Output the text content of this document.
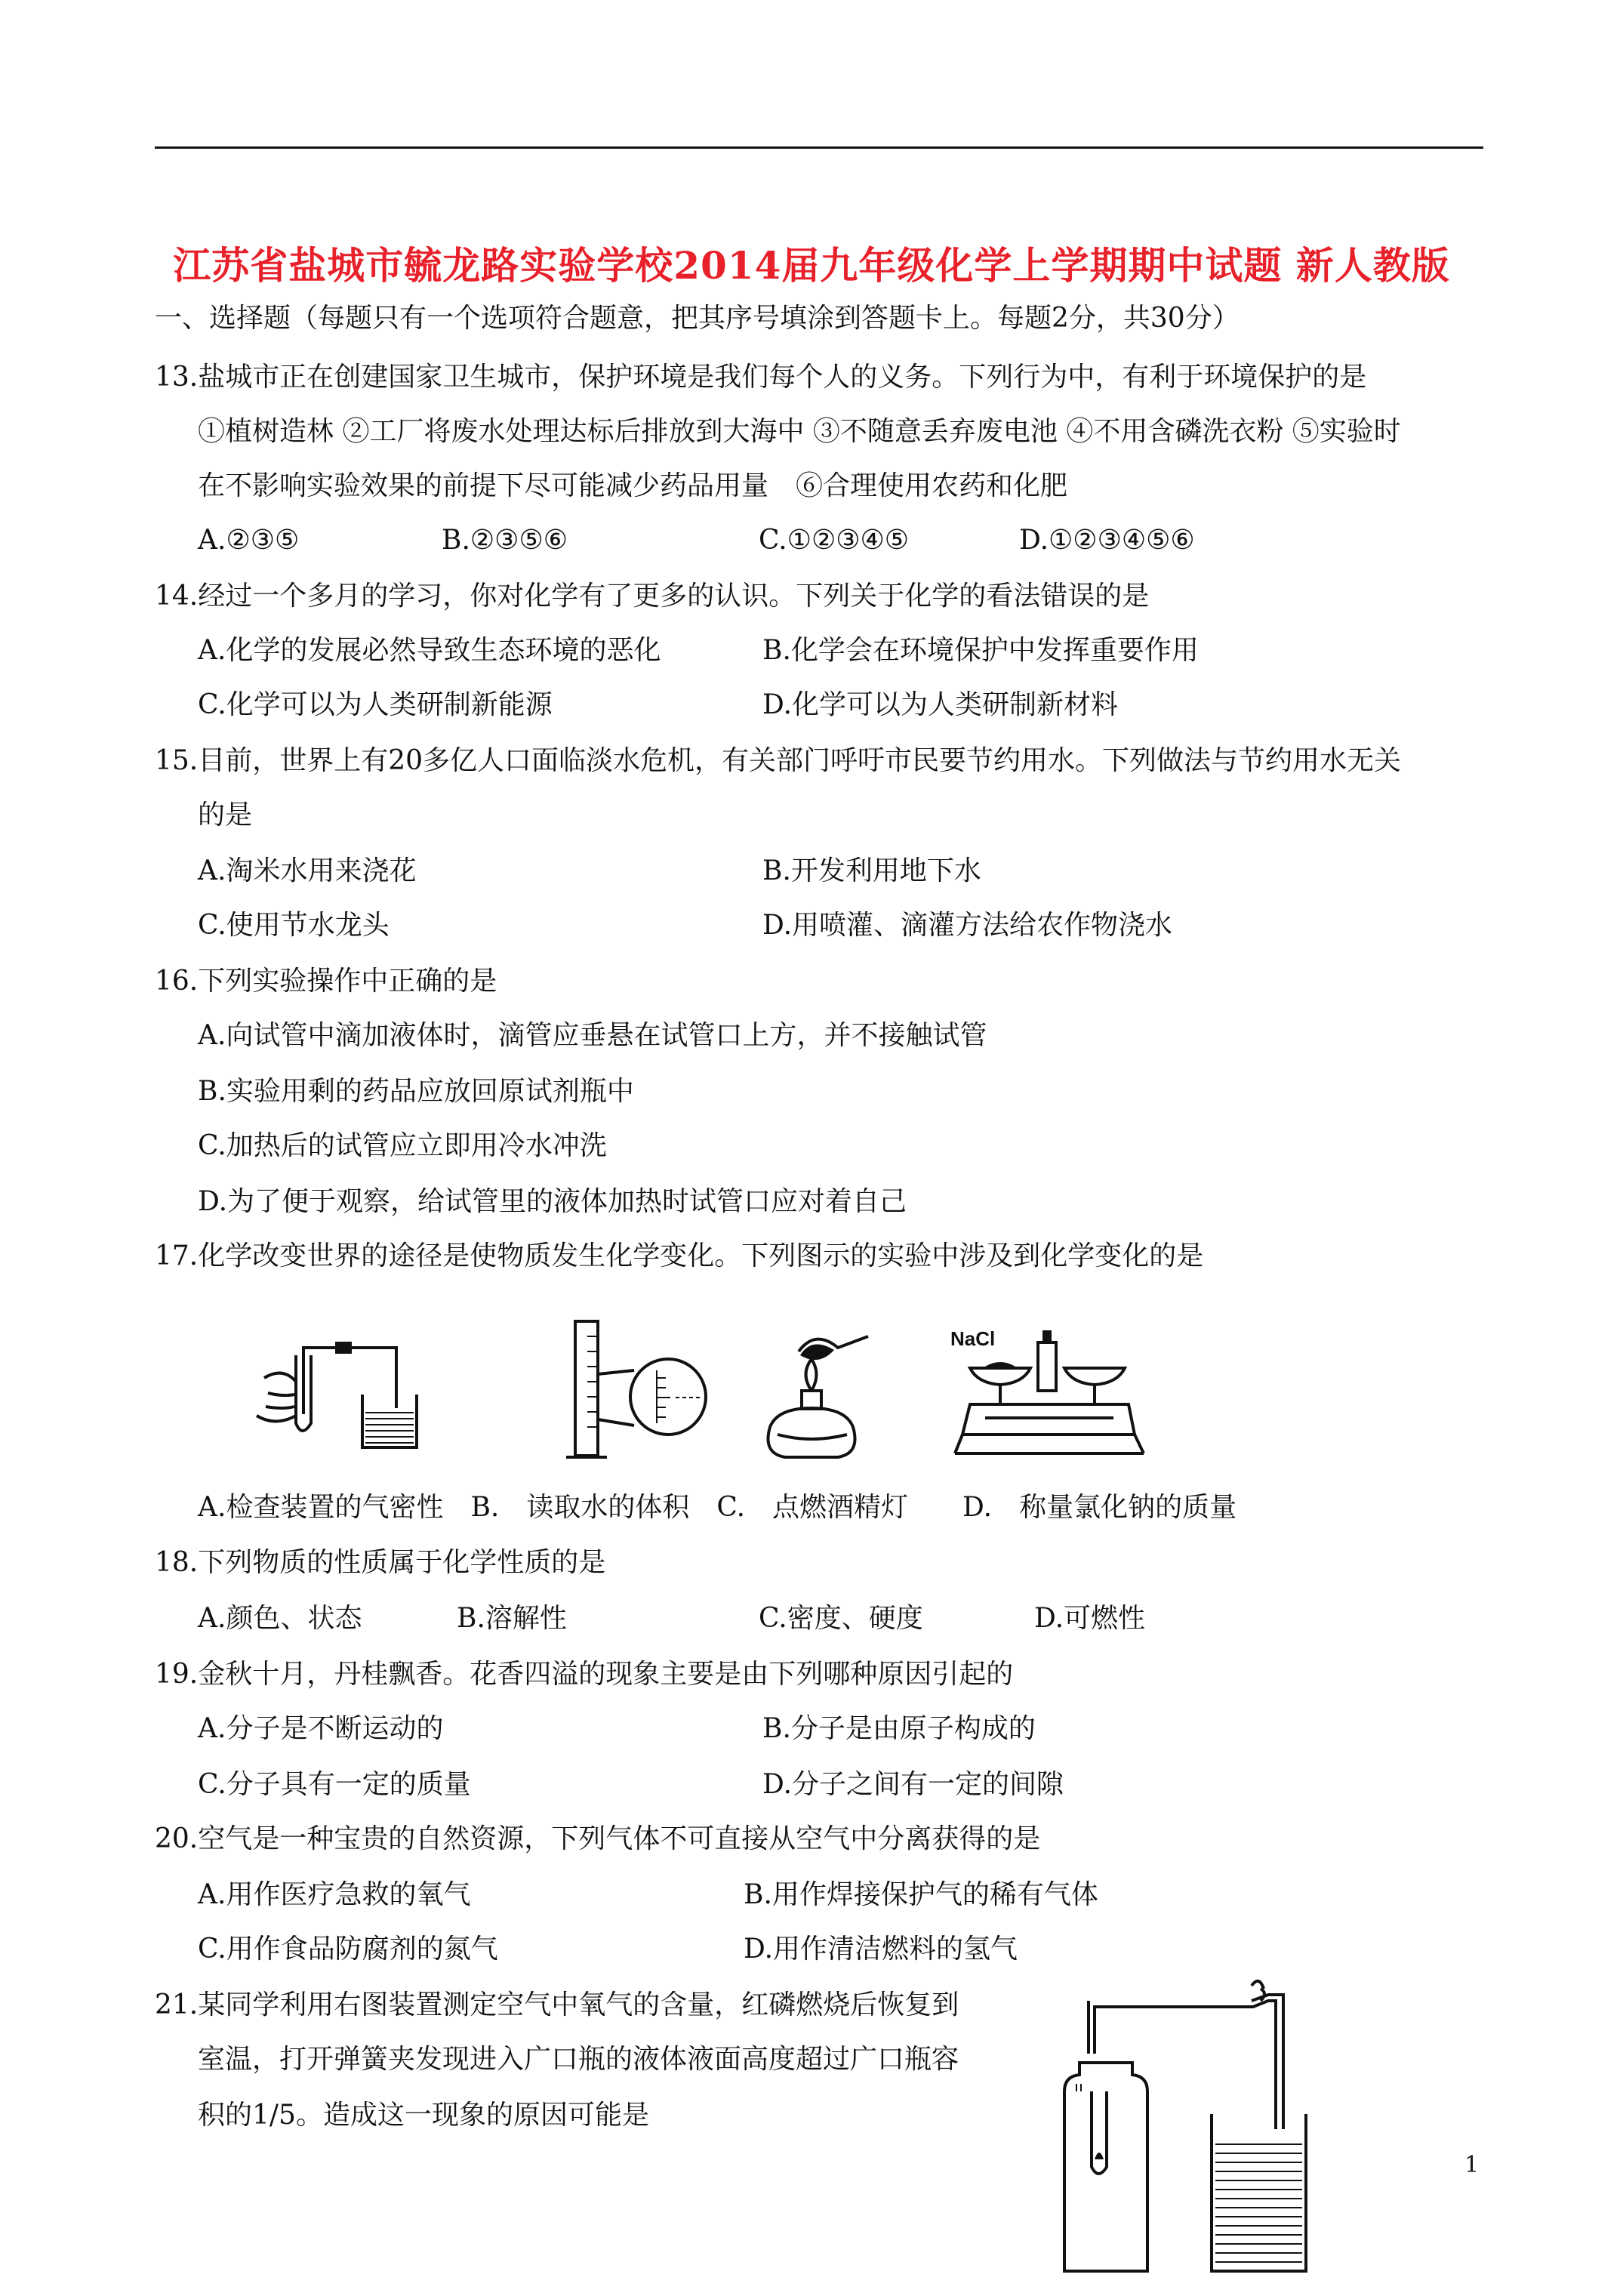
江苏省盐城市毓龙路实验学校2014届九年级化学上学期期中试题 新人教版
一、选择题（每题只有一个选项符合题意，把其序号填涂到答题卡上。每题2分，共30分）
13.盐城市正在创建国家卫生城市，保护环境是我们每个人的义务。下列行为中，有利于环境保护的是
①植树造林 ②工厂将废水处理达标后排放到大海中 ③不随意丢弃废电池 ④不用含磷洗衣粉 ⑤实验时
在不影响实验效果的前提下尽可能减少药品用量　⑥合理使用农药和化肥
A.②③⑤	B.②③⑤⑥	C.①②③④⑤	D.①②③④⑤⑥
14.经过一个多月的学习，你对化学有了更多的认识。下列关于化学的看法错误的是
A.化学的发展必然导致生态环境的恶化	B.化学会在环境保护中发挥重要作用
C.化学可以为人类研制新能源	D.化学可以为人类研制新材料
15.目前，世界上有20多亿人口面临淡水危机，有关部门呼吁市民要节约用水。下列做法与节约用水无关
的是
A.淘米水用来浇花	B.开发利用地下水
C.使用节水龙头	D.用喷灌、滴灌方法给农作物浇水
16.下列实验操作中正确的是
A.向试管中滴加液体时，滴管应垂悬在试管口上方，并不接触试管
B.实验用剩的药品应放回原试剂瓶中
C.加热后的试管应立即用冷水冲洗
D.为了便于观察，给试管里的液体加热时试管口应对着自己
17.化学改变世界的途径是使物质发生化学变化。下列图示的实验中涉及到化学变化的是
NaCl
A.检查装置的气密性　B.　读取水的体积　C.　点燃酒精灯　　D.　称量氯化钠的质量
18.下列物质的性质属于化学性质的是
A.颜色、状态	B.溶解性	C.密度、硬度	D.可燃性
19.金秋十月，丹桂飘香。花香四溢的现象主要是由下列哪种原因引起的
A.分子是不断运动的	B.分子是由原子构成的
C.分子具有一定的质量	D.分子之间有一定的间隙
20.空气是一种宝贵的自然资源，下列气体不可直接从空气中分离获得的是
A.用作医疗急救的氧气	B.用作焊接保护气的稀有气体
C.用作食品防腐剂的氮气	D.用作清洁燃料的氢气
21.某同学利用右图装置测定空气中氧气的含量，红磷燃烧后恢复到
室温，打开弹簧夹发现进入广口瓶的液体液面高度超过广口瓶容
积的1/5。造成这一现象的原因可能是
1
